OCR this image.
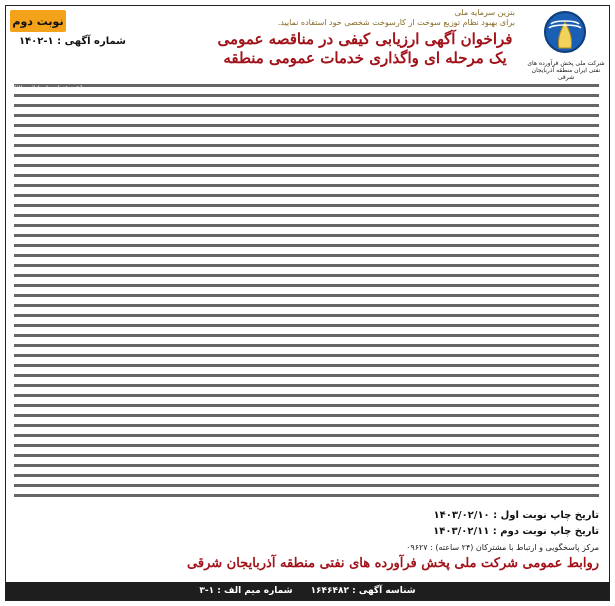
نوبت دوم
بنزین سرمایه ملی
برای بهبود نظام توزیع سوخت از کارسوخت شخصی خود استفاده نمایید.
فراخوان آگهی ارزیابی کیفی در مناقصه عمومی
یک مرحله ای واگذاری خدمات عمومی منطقه
شماره آگهی : ۱-۱۴۰۲
شرکت ملی پخش فرآورده های نفتی ایران منطقه آذربایجان شرقی
[illegible body text]
تاریخ چاپ نوبت اول : ۱۴۰۳/۰۲/۱۰
تاریخ چاپ نوبت دوم : ۱۴۰۳/۰۲/۱۱
مرکز پاسخگویی و ارتباط با مشترکان (۲۴ ساعته) : ۰۹۶۲۷
روابط عمومی شرکت ملی پخش فرآورده های نفتی منطقه آذربایجان شرقی
شناسه آگهی : ۱۶۴۶۴۸۲
شماره میم الف : ۱-۳
